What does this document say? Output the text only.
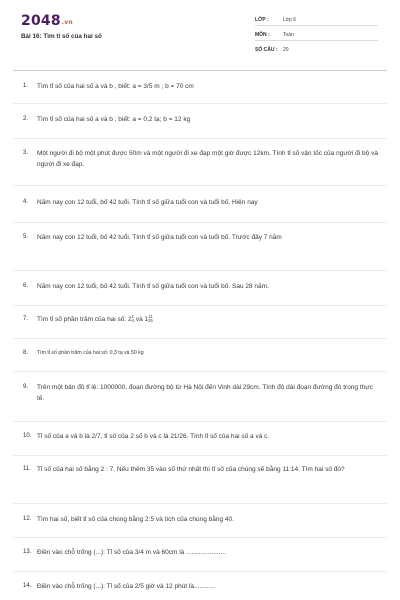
2048.vn
Bài 16: Tìm tỉ số của hai số
LỚP :	Lớp 6
MÔN :	Toán
SỐ CÂU : 20
1.	Tìm tỉ số của hai số a và b , biết: a = 3/5 m ; b = 70 cm
2.	Tìm tỉ số của hai số a và b , biết: a = 0,2 tạ; b = 12 kg
3.	Một người đi bộ một phút được 50m và một người đi xe đạp một giờ được 12km. Tính tỉ số vận tốc của người đi bộ và người đi xe đạp.
4.	Năm nay con 12 tuổi, bố 42 tuổi. Tính tỉ số giữa tuổi con và tuổi bố. Hiện nay
5.	Năm nay con 12 tuổi, bố 42 tuổi. Tính tỉ số giữa tuổi con và tuổi bố. Trước đây 7 năm
6.	Năm nay con 12 tuổi, bố 42 tuổi. Tính tỉ số giữa tuổi con và tuổi bố. Sau 28 năm.
7.	Tìm tỉ số phần trăm của hai số: 2 1
4 và 1 11
25
8.	Tìm tỉ số phần trăm của hai số: 0,3 tạ và 50 kg
9.	Trên một bản đồ tỉ lệ: 1000000, đoạn đường bộ từ Hà Nội đến Vinh dài 29cm. Tính độ dài đoạn đường đó trong thực tế.
10. Tỉ số của a và b là 2/7, tỉ số của 2 số b và c là 21/26. Tính tỉ số của hai số a và c.
11. Tỉ số của hai số bằng 2 : 7. Nếu thêm 35 vào số thứ nhất thì tỉ số của chúng sẽ bằng 11:14. Tìm hai số đó?
12. Tìm hai số, biết tỉ số của chúng bằng 2:5 và tích của chúng bằng 40.
13. Điền vào chỗ trống (...): Tỉ số của 3/4 m và 60cm là ......................
14. Điền vào chỗ trống (...): Tỉ số của 2/5 giờ và 12 phút là............
